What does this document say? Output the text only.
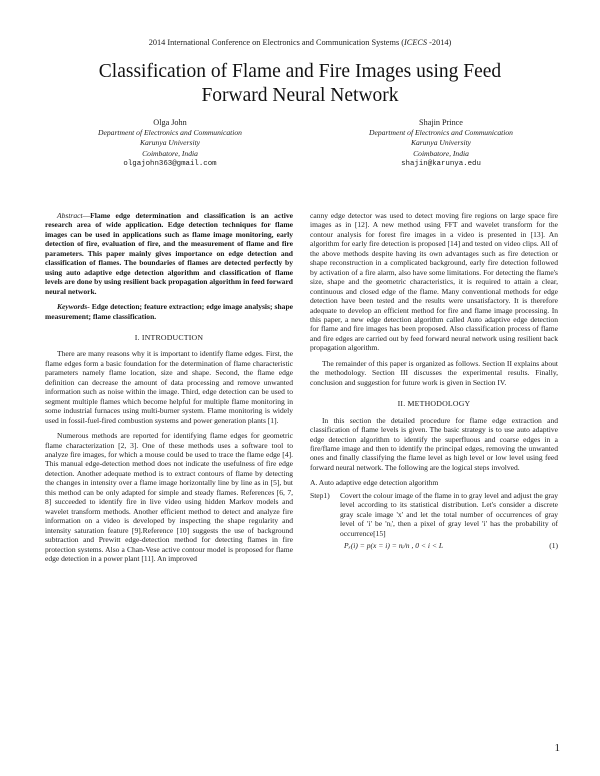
2014 International Conference on Electronics and Communication Systems (ICECS -2014)
Classification of Flame and Fire Images using Feed
Forward Neural Network
Olga John
Department of Electronics and Communication
Karunya University
Coimbatore, India
olgajohn363@gmail.com
Shajin Prince
Department of Electronics and Communication
Karunya University
Coimbatore, India
shajin@karunya.edu

Abstract—Flame edge determination and classification is an active research area of wide application. Edge detection techniques for flame images can be used in applications such as flame image monitoring, early detection of fire, evaluation of fire, and the measurement of flame and fire parameters. This paper mainly gives importance on edge detection and classification of flames. The boundaries of flames are detected perfectly by using auto adaptive edge detection algorithm and classification of flame levels are done by using resilient back propagation algorithm in feed forward neural network.

Keywords- Edge detection; feature extraction; edge image analysis; shape measurement; flame classification.

I. INTRODUCTION

There are many reasons why it is important to identify flame edges. First, the flame edges form a basic foundation for the determination of flame characteristic parameters namely flame location, size and shape. Second, the flame edge definition can decrease the amount of data processing and remove unwanted information such as noise within the image. Third, edge detection can be used to segment multiple flames which become helpful for multiple flame monitoring in some industrial furnaces using multi-burner system. Flame monitoring is widely used in fossil-fuel-fired combustion systems and power generation plants [1].

Numerous methods are reported for identifying flame edges for geometric flame characterization [2, 3]. One of these methods uses a software tool to analyze fire images, for which a mouse could be used to trace the flame edge [4]. This manual edge-detection method does not indicate the usefulness of fire edge detection. Another adequate method is to extract contours of flame by detecting the changes in intensity over a flame image horizontally line by line as in [5], but this method can be only adapted for simple and steady flames. References [6, 7, 8] succeeded to identify fire in live video using hidden Markov models and wavelet transform methods. Another efficient method to detect and analyze fire information on a video is developed by inspecting the shape regularity and intensity saturation feature [9].Reference [10] suggests the use of background subtraction and Prewitt edge-detection method for detecting flames in fire protection systems. Also a Chan-Vese active contour model is proposed for flame edge detection in a power plant [11]. An improved

canny edge detector was used to detect moving fire regions on large space fire images as in [12]. A new method using FFT and wavelet transform for the contour analysis for forest fire images in a video is presented in [13]. An algorithm for early fire detection is proposed [14] and tested on video clips. All of the above methods despite having its own advantages such as fire detection or shape reconstruction in a complicated background, early fire detection followed by activation of a fire alarm, also have some limitations. For detecting the flame's size, shape and the geometric characteristics, it is required to attain a clear, continuous and closed edge of the flame. Many conventional methods for edge detection have been tested and the results were unsatisfactory. It is therefore adequate to develop an efficient method for fire and flame image processing. In this paper, a new edge detection algorithm called Auto adaptive edge detection for flame and fire images has been proposed. Also classification process of flame and fire edges are carried out by feed forward neural network using resilient back propagation algorithm.

The remainder of this paper is organized as follows. Section II explains about the methodology. Section III discusses the experimental results. Finally, conclusion and suggestion for future work is given in Section IV.

II. METHODOLOGY

In this section the detailed procedure for flame edge extraction and classification of flame levels is given. The basic strategy is to use auto adaptive edge detection algorithm to identify the superfluous and coarse edges in a fire/flame image and then to identify the principal edges, removing the unwanted ones and finally classifying the flame level as high level or low level using feed forward neural network. The following are the logical steps involved.

A. Auto adaptive edge detection algorithm
Step1)	Covert the colour image of the flame in to gray level and adjust the gray level according to its statistical distribution. Let's consider a discrete gray scale image 'x' and let the total number of occurrences of gray level of 'i' be 'nᵢ', then a pixel of gray level 'i' has the probability of occurrence[15]
Pₓ(i) = p(x = i) = nᵢ/n , 0 < i < L	(1)
1
